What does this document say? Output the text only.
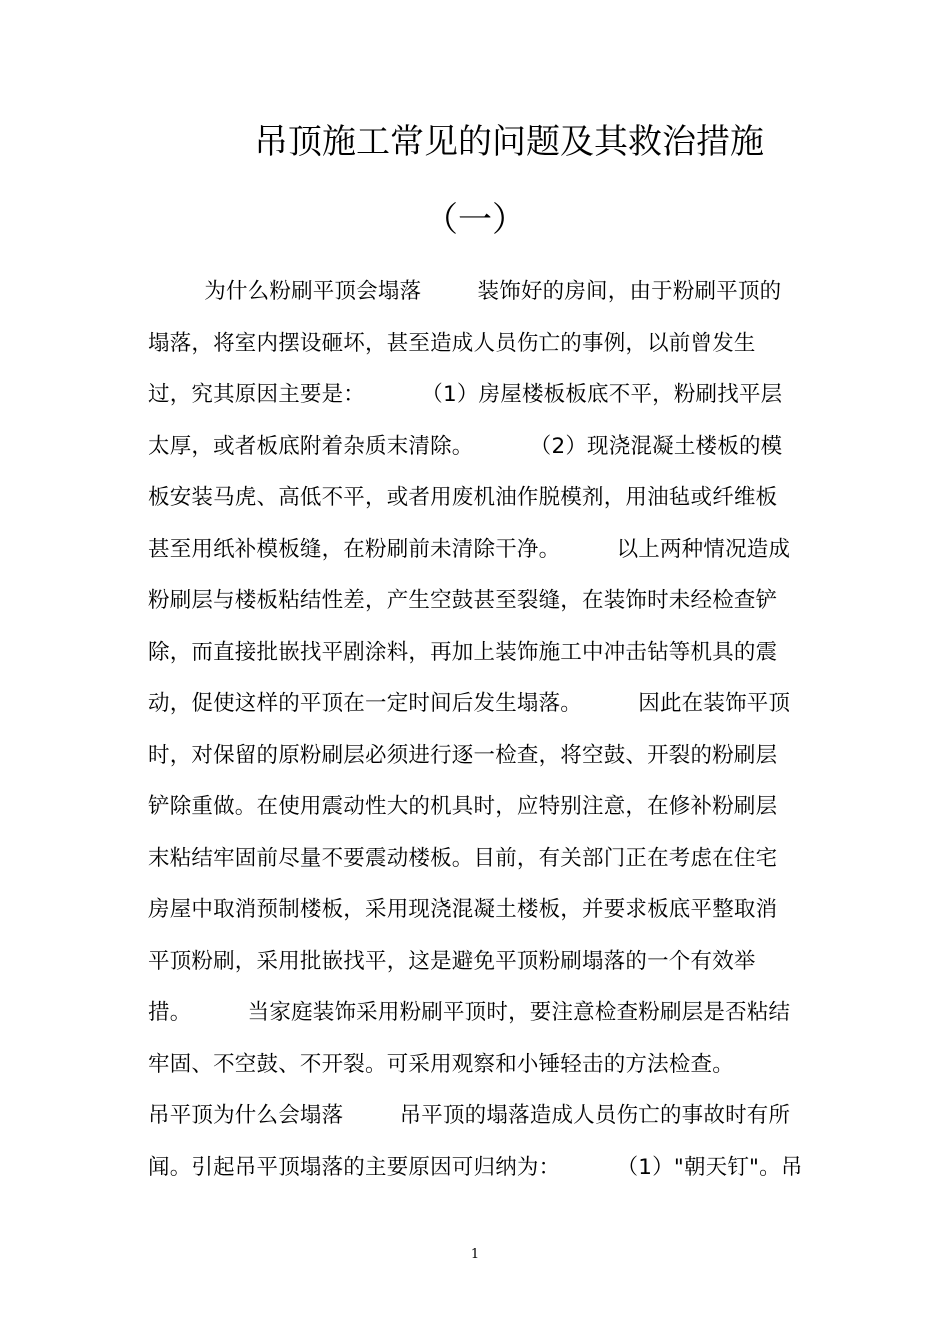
吊顶施工常见的问题及其救治措施
（一）
为什么粉刷平顶会塌落        装饰好的房间，由于粉刷平顶的
塌落，将室内摆设砸坏，甚至造成人员伤亡的事例，以前曾发生
过，究其原因主要是：        （1）房屋楼板板底不平，粉刷找平层
太厚，或者板底附着杂质末清除。        （2）现浇混凝土楼板的模
板安装马虎、高低不平，或者用废机油作脱模剂，用油毡或纤维板
甚至用纸补模板缝，在粉刷前未清除干净。        以上两种情况造成
粉刷层与楼板粘结性差，产生空鼓甚至裂缝，在装饰时未经检查铲
除，而直接批嵌找平剧涂料，再加上装饰施工中冲击钻等机具的震
动，促使这样的平顶在一定时间后发生塌落。        因此在装饰平顶
时，对保留的原粉刷层必须进行逐一检查，将空鼓、开裂的粉刷层
铲除重做。在使用震动性大的机具时，应特别注意，在修补粉刷层
末粘结牢固前尽量不要震动楼板。目前，有关部门正在考虑在住宅
房屋中取消预制楼板，采用现浇混凝土楼板，并要求板底平整取消
平顶粉刷，采用批嵌找平，这是避免平顶粉刷塌落的一个有效举
措。        当家庭装饰采用粉刷平顶时，要注意检查粉刷层是否粘结
牢固、不空鼓、不开裂。可采用观察和小锤轻击的方法检查。
吊平顶为什么会塌落        吊平顶的塌落造成人员伤亡的事故时有所
闻。引起吊平顶塌落的主要原因可归纳为：        （1）"朝天钉"。吊
1
